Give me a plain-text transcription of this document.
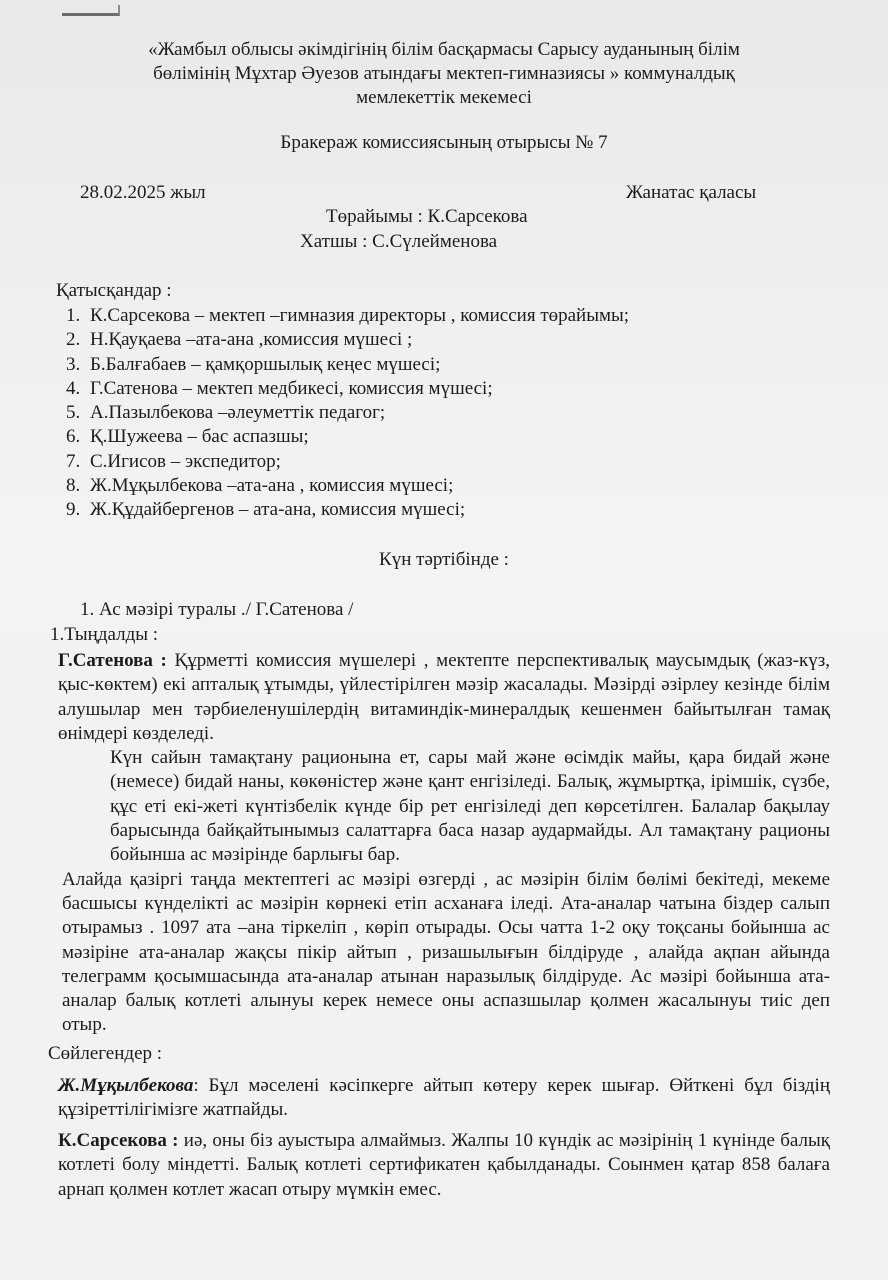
«Жамбыл облысы әкімдігінің білім басқармасы Сарысу ауданының білім
бөлімінің Мұхтар Әуезов атындағы мектеп-гимназиясы » коммуналдық
мемлекеттік мекемесі
Бракераж комиссиясының отырысы № 7
28.02.2025 жыл	Жанатас қаласы
Төрайымы : К.Сарсекова
Хатшы : С.Сүлейменова
Қатысқандар :
1. К.Сарсекова – мектеп –гимназия директоры , комиссия төрайымы;
2. Н.Қауқаева –ата-ана ,комиссия мүшесі ;
3. Б.Балғабаев – қамқоршылық кеңес мүшесі;
4. Г.Сатенова – мектеп медбикесі, комиссия мүшесі;
5. А.Пазылбекова –әлеуметтік педагог;
6. Қ.Шужеева – бас аспазшы;
7. С.Игисов – экспедитор;
8. Ж.Мұқылбекова –ата-ана , комиссия мүшесі;
9. Ж.Құдайбергенов – ата-ана, комиссия мүшесі;
Күн тәртібінде :
1. Ас мәзірі туралы ./ Г.Сатенова /
1.Тыңдалды :
Г.Сатенова : Құрметті комиссия мүшелері , мектепте перспективалық маусымдық (жаз-күз, қыс-көктем) екі апталық ұтымды, үйлестірілген мәзір жасалады. Мәзірді әзірлеу кезінде білім алушылар мен тәрбиеленушілердің витаминдік-минералдық кешенмен байытылған тамақ өнімдері көзделеді.
Күн сайын тамақтану рационына ет, сары май және өсімдік майы, қара бидай және (немесе) бидай наны, көкөністер және қант енгізіледі. Балық, жұмыртқа, ірімшік, сүзбе, құс еті екі-жеті күнтізбелік күнде бір рет енгізіледі деп көрсетілген. Балалар бақылау барысында байқайтынымыз салаттарға баса назар аудармайды. Ал тамақтану рационы бойынша ас мәзірінде барлығы бар.
Алайда қазіргі таңда мектептегі ас мәзірі өзгерді , ас мәзірін білім бөлімі бекітеді, мекеме басшысы күнделікті ас мәзірін көрнекі етіп асханаға іледі. Ата-аналар чатына біздер салып отырамыз . 1097 ата –ана тіркеліп , көріп отырады. Осы чатта 1-2 оқу тоқсаны бойынша ас мәзіріне ата-аналар жақсы пікір айтып , ризашылығын білдіруде , алайда ақпан айында телеграмм қосымшасында ата-аналар атынан наразылық білдіруде. Ас мәзірі бойынша ата-аналар балық котлеті алынуы керек немесе оны аспазшылар қолмен жасалынуы тиіс деп отыр.
Сөйлегендер :
Ж.Мұқылбекова: Бұл мәселені кәсіпкерге айтып көтеру керек шығар. Өйткені бұл біздің құзіреттілігімізге жатпайды.
К.Сарсекова : иә, оны біз ауыстыра алмаймыз. Жалпы 10 күндік ас мәзірінің 1 күнінде балық котлеті болу міндетті. Балық котлеті сертификатен қабылданады. Соынмен қатар 858 балаға арнап қолмен котлет жасап отыру мүмкін емес.
